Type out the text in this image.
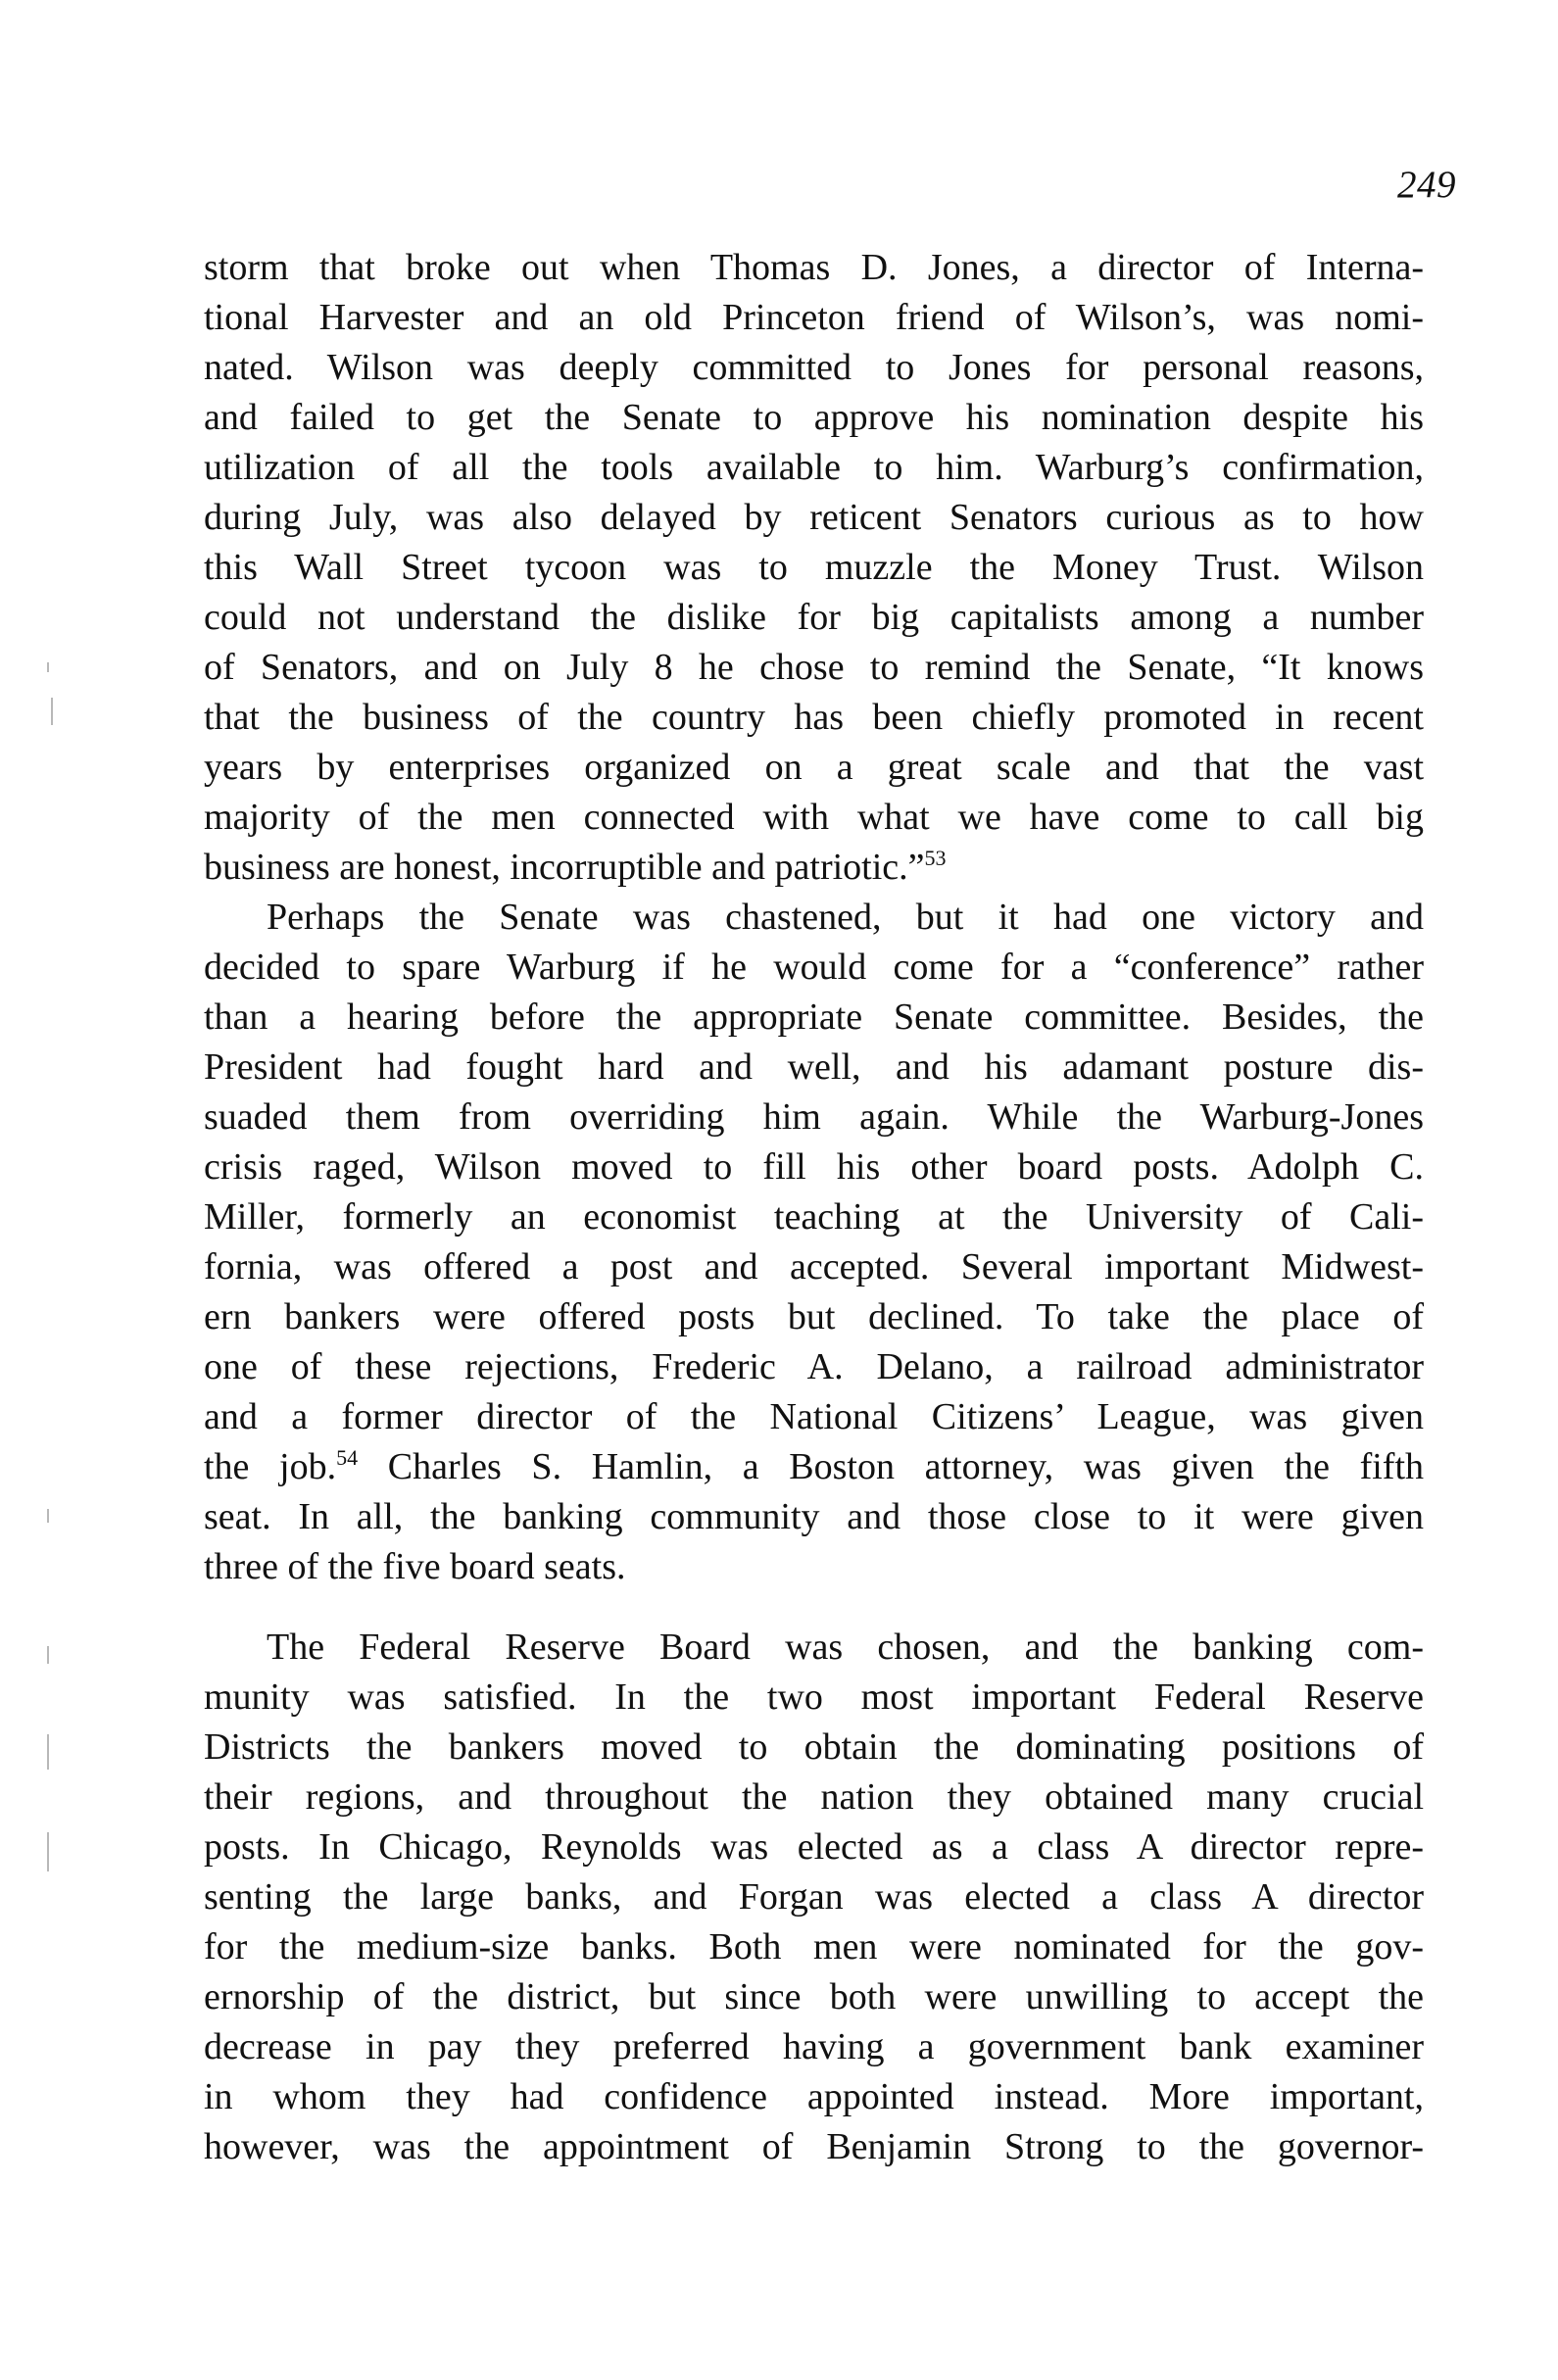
249
storm that broke out when Thomas D. Jones, a director of Interna-
tional Harvester and an old Princeton friend of Wilson’s, was nomi-
nated. Wilson was deeply committed to Jones for personal reasons,
and failed to get the Senate to approve his nomination despite his
utilization of all the tools available to him. Warburg’s confirmation,
during July, was also delayed by reticent Senators curious as to how
this Wall Street tycoon was to muzzle the Money Trust. Wilson
could not understand the dislike for big capitalists among a number
of Senators, and on July 8 he chose to remind the Senate, “It knows
that the business of the country has been chiefly promoted in recent
years by enterprises organized on a great scale and that the vast
majority of the men connected with what we have come to call big
business are honest, incorruptible and patriotic.”$^{53}$
Perhaps the Senate was chastened, but it had one victory and
decided to spare Warburg if he would come for a “conference” rather
than a hearing before the appropriate Senate committee. Besides, the
President had fought hard and well, and his adamant posture dis-
suaded them from overriding him again. While the Warburg-Jones
crisis raged, Wilson moved to fill his other board posts. Adolph C.
Miller, formerly an economist teaching at the University of Cali-
fornia, was offered a post and accepted. Several important Midwest-
ern bankers were offered posts but declined. To take the place of
one of these rejections, Frederic A. Delano, a railroad administrator
and a former director of the National Citizens’ League, was given
the job.$^{54}$ Charles S. Hamlin, a Boston attorney, was given the fifth
seat. In all, the banking community and those close to it were given
three of the five board seats.
The Federal Reserve Board was chosen, and the banking com-
munity was satisfied. In the two most important Federal Reserve
Districts the bankers moved to obtain the dominating positions of
their regions, and throughout the nation they obtained many crucial
posts. In Chicago, Reynolds was elected as a class A director repre-
senting the large banks, and Forgan was elected a class A director
for the medium-size banks. Both men were nominated for the gov-
ernorship of the district, but since both were unwilling to accept the
decrease in pay they preferred having a government bank examiner
in whom they had confidence appointed instead. More important,
however, was the appointment of Benjamin Strong to the governor-
